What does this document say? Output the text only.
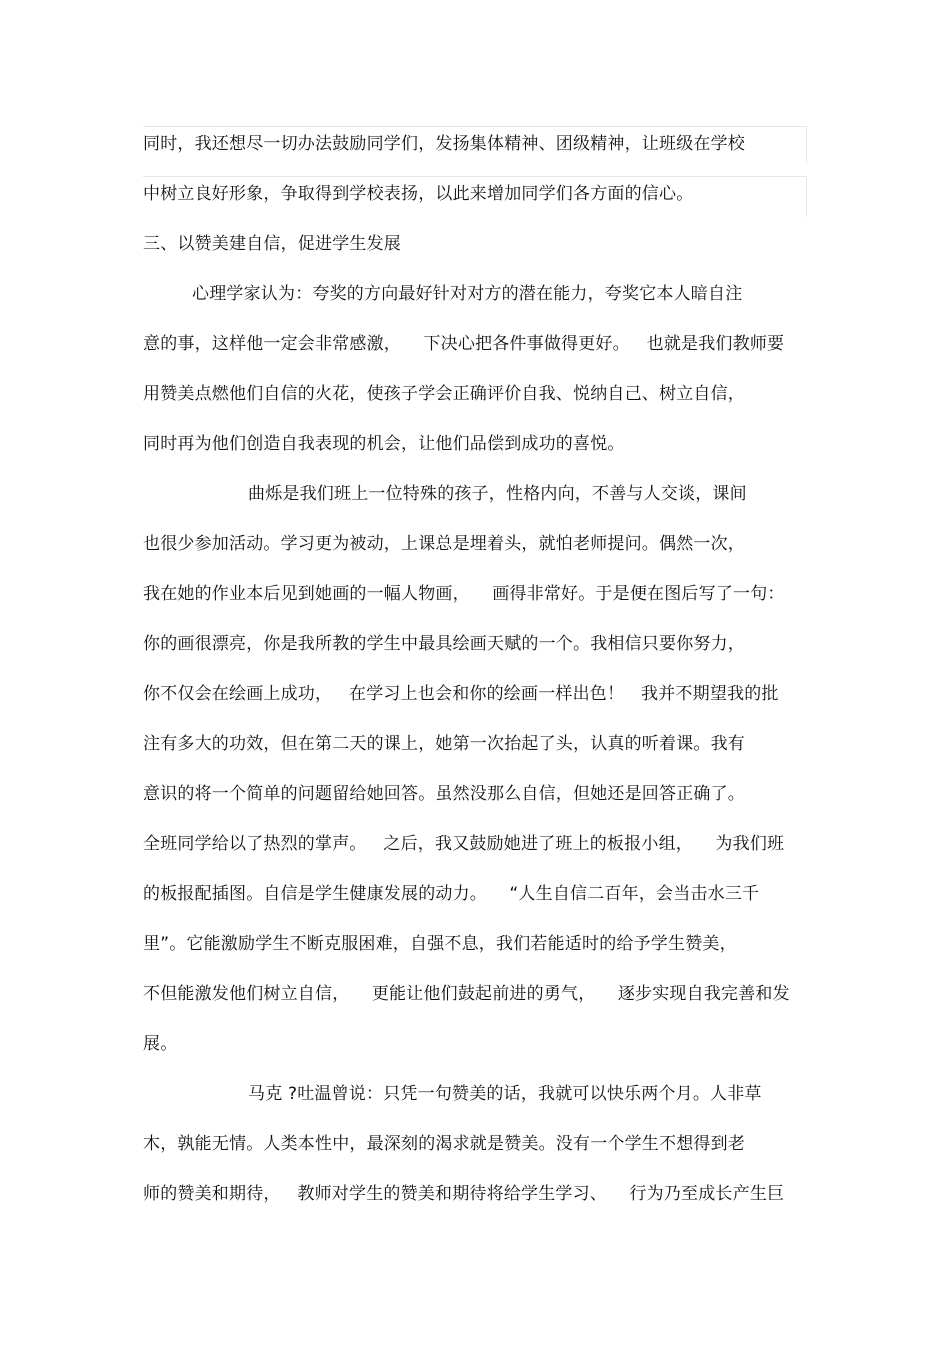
同时，我还想尽一切办法鼓励同学们，发扬集体精神、团级精神，让班级在学校
中树立良好形象，争取得到学校表扬，以此来增加同学们各方面的信心。
三、以赞美建自信，促进学生发展
心理学家认为：夸奖的方向最好针对对方的潜在能力，夸奖它本人暗自注
意的事，这样他一定会非常感激，    下决心把各件事做得更好。   也就是我们教师要
用赞美点燃他们自信的火花，使孩子学会正确评价自我、悦纳自己、树立自信，
同时再为他们创造自我表现的机会，让他们品偿到成功的喜悦。
曲烁是我们班上一位特殊的孩子，性格内向，不善与人交谈，课间
也很少参加活动。学习更为被动，上课总是埋着头，就怕老师提问。偶然一次，
我在她的作业本后见到她画的一幅人物画，    画得非常好。于是便在图后写了一句：
你的画很漂亮，你是我所教的学生中最具绘画天赋的一个。我相信只要你努力，
你不仅会在绘画上成功，   在学习上也会和你的绘画一样出色！   我并不期望我的批
注有多大的功效，但在第二天的课上，她第一次抬起了头，认真的听着课。我有
意识的将一个简单的问题留给她回答。虽然没那么自信，但她还是回答正确了。
全班同学给以了热烈的掌声。   之后，我又鼓励她进了班上的板报小组，    为我们班
的板报配插图。自信是学生健康发展的动力。    “人生自信二百年，会当击水三千
里”。它能激励学生不断克服困难，自强不息，我们若能适时的给予学生赞美，
不但能激发他们树立自信，    更能让他们鼓起前进的勇气，    逐步实现自我完善和发
展。
马克 ?吐温曾说：只凭一句赞美的话，我就可以快乐两个月。人非草
木，孰能无情。人类本性中，最深刻的渴求就是赞美。没有一个学生不想得到老
师的赞美和期待，   教师对学生的赞美和期待将给学生学习、    行为乃至成长产生巨
